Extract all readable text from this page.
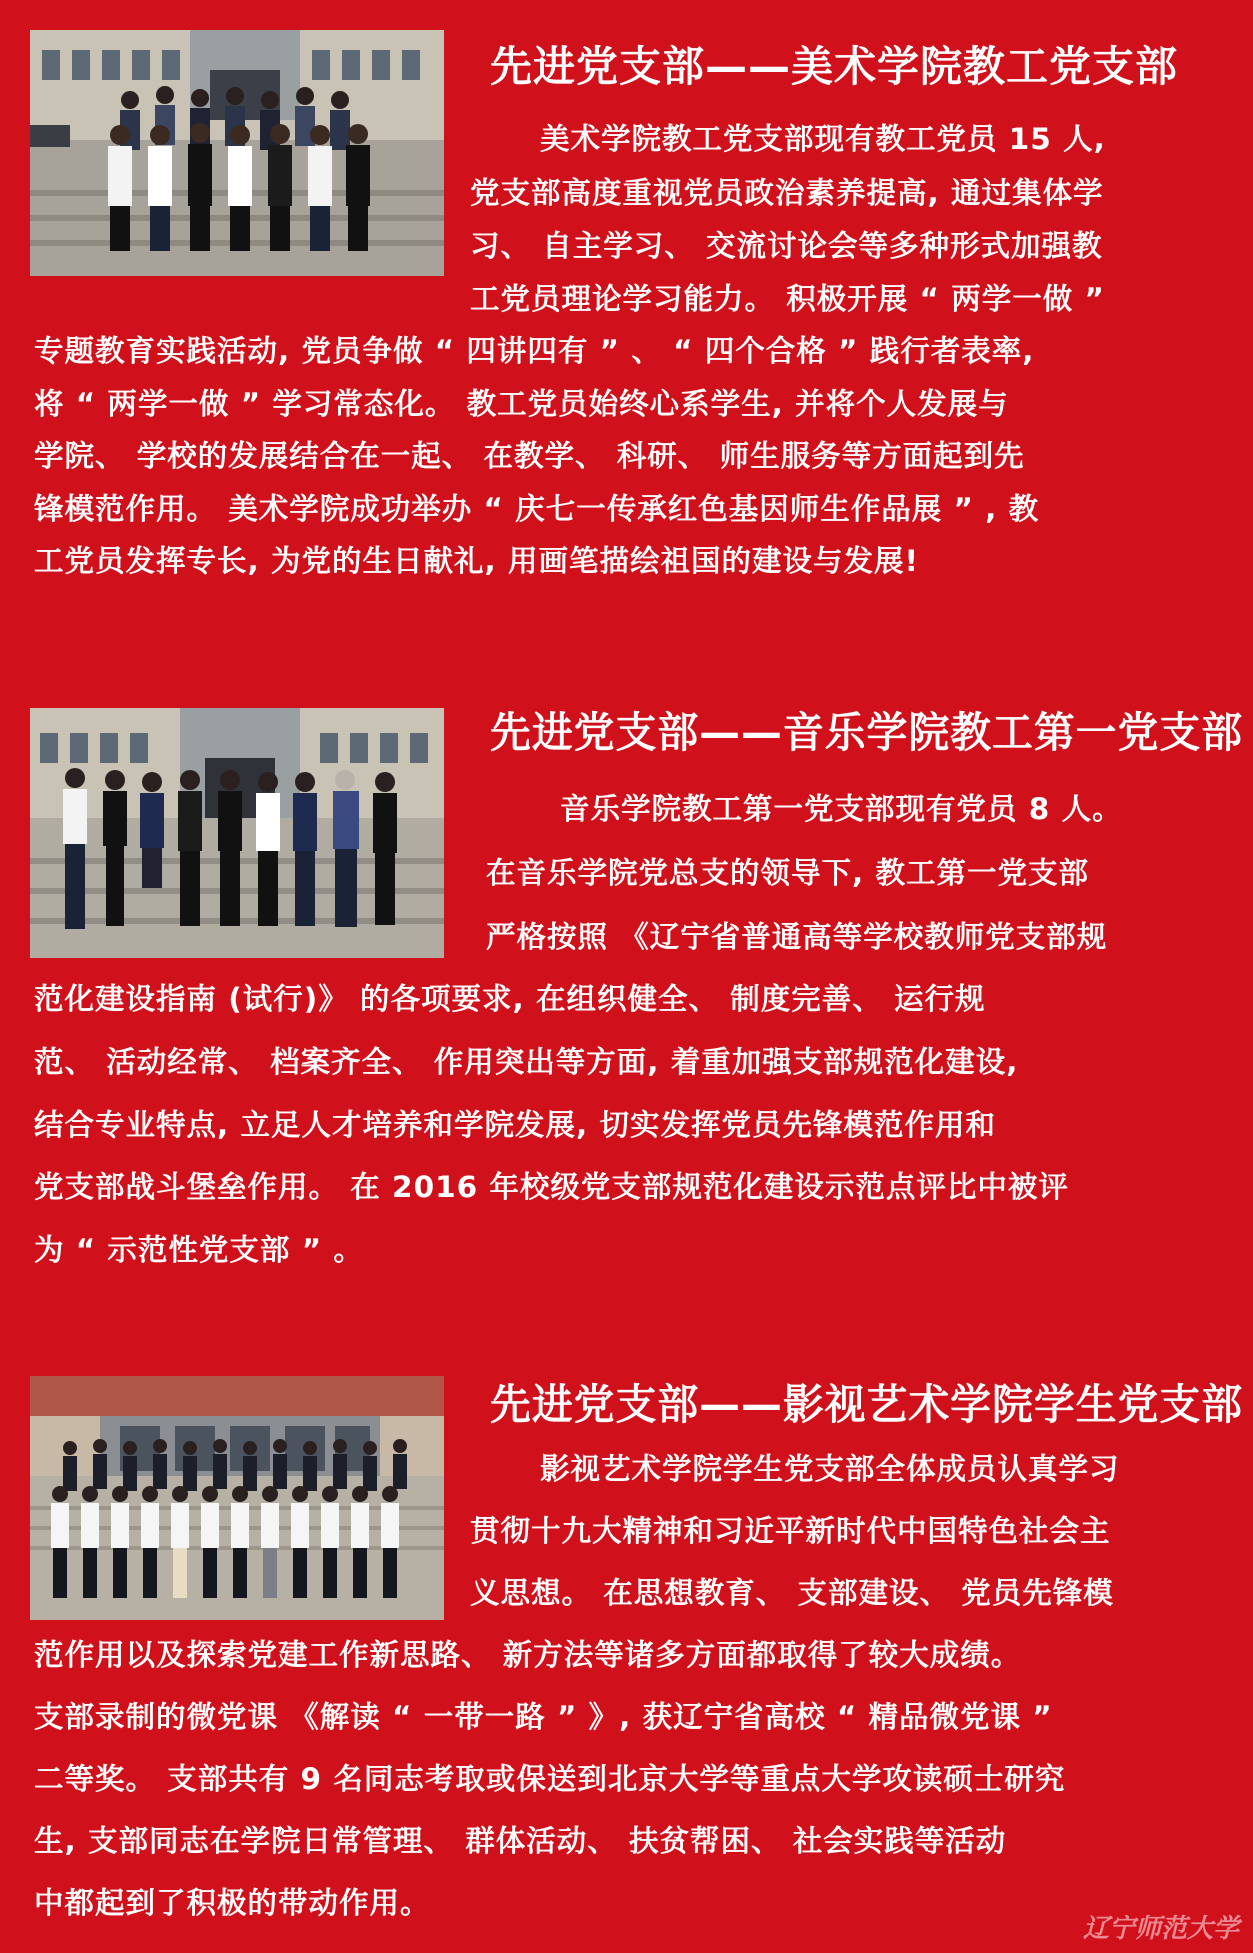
先进党支部——美术学院教工党支部
美术学院教工党支部现有教工党员 15 人,
党支部高度重视党员政治素养提高, 通过集体学
习、 自主学习、 交流讨论会等多种形式加强教
工党员理论学习能力。 积极开展 “ 两学一做 ”
专题教育实践活动, 党员争做 “ 四讲四有 ” 、 “ 四个合格 ” 践行者表率,
将 “ 两学一做 ” 学习常态化。 教工党员始终心系学生, 并将个人发展与
学院、 学校的发展结合在一起、 在教学、 科研、 师生服务等方面起到先
锋模范作用。 美术学院成功举办 “ 庆七一传承红色基因师生作品展 ” , 教
工党员发挥专长, 为党的生日献礼, 用画笔描绘祖国的建设与发展!
先进党支部——音乐学院教工第一党支部
音乐学院教工第一党支部现有党员 8 人。
在音乐学院党总支的领导下, 教工第一党支部
严格按照 《辽宁省普通高等学校教师党支部规
范化建设指南 (试行)》 的各项要求, 在组织健全、 制度完善、 运行规
范、 活动经常、 档案齐全、 作用突出等方面, 着重加强支部规范化建设,
结合专业特点, 立足人才培养和学院发展, 切实发挥党员先锋模范作用和
党支部战斗堡垒作用。 在 2016 年校级党支部规范化建设示范点评比中被评
为 “ 示范性党支部 ” 。
先进党支部——影视艺术学院学生党支部
影视艺术学院学生党支部全体成员认真学习
贯彻十九大精神和习近平新时代中国特色社会主
义思想。 在思想教育、 支部建设、 党员先锋模
范作用以及探索党建工作新思路、 新方法等诸多方面都取得了较大成绩。
支部录制的微党课 《解读 “ 一带一路 ” 》, 获辽宁省高校 “ 精品微党课 ”
二等奖。 支部共有 9 名同志考取或保送到北京大学等重点大学攻读硕士研究
生, 支部同志在学院日常管理、 群体活动、 扶贫帮困、 社会实践等活动
中都起到了积极的带动作用。
辽宁师范大学
